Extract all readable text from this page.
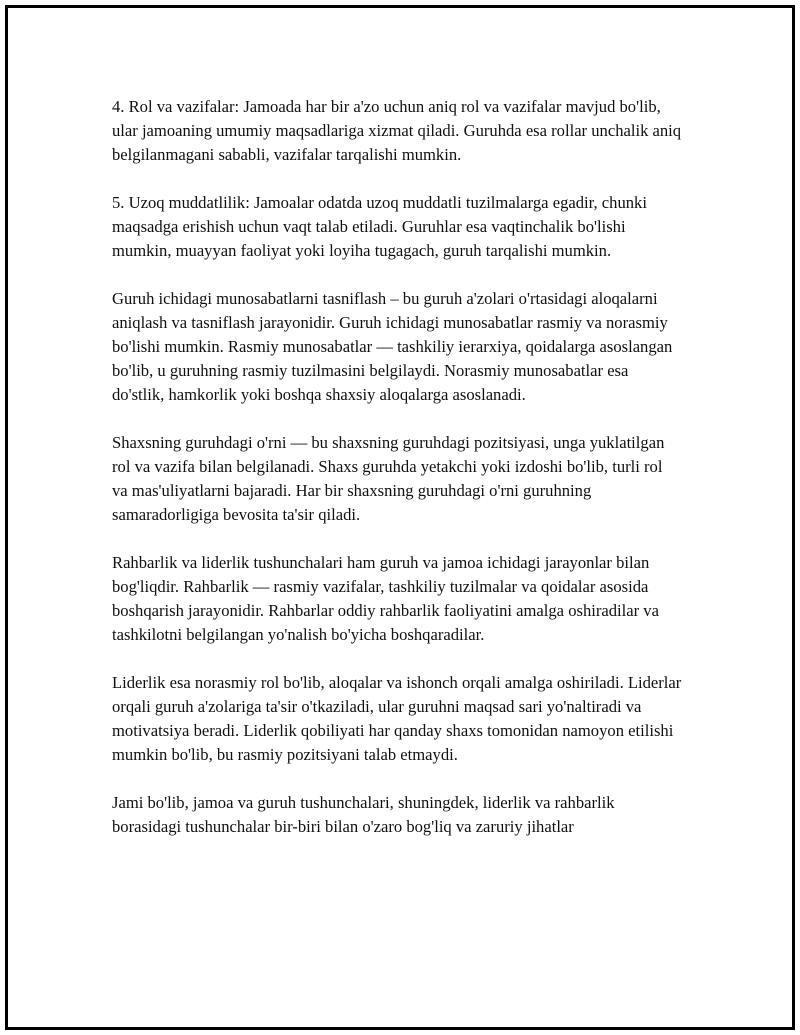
4. Rol va vazifalar: Jamoada har bir a'zo uchun aniq rol va vazifalar mavjud bo'lib, ular jamoaning umumiy maqsadlariga xizmat qiladi. Guruhda esa rollar unchalik aniq belgilanmagani sababli, vazifalar tarqalishi mumkin.

5. Uzoq muddatlilik: Jamoalar odatda uzoq muddatli tuzilmalarga egadir, chunki maqsadga erishish uchun vaqt talab etiladi. Guruhlar esa vaqtinchalik bo'lishi mumkin, muayyan faoliyat yoki loyiha tugagach, guruh tarqalishi mumkin.

Guruh ichidagi munosabatlarni tasniflash – bu guruh a'zolari o'rtasidagi aloqalarni aniqlash va tasniflash jarayonidir. Guruh ichidagi munosabatlar rasmiy va norasmiy bo'lishi mumkin. Rasmiy munosabatlar — tashkiliy ierarxiya, qoidalarga asoslangan bo'lib, u guruhning rasmiy tuzilmasini belgilaydi. Norasmiy munosabatlar esa do'stlik, hamkorlik yoki boshqa shaxsiy aloqalarga asoslanadi.

Shaxsning guruhdagi o'rni — bu shaxsning guruhdagi pozitsiyasi, unga yuklatilgan rol va vazifa bilan belgilanadi. Shaxs guruhda yetakchi yoki izdoshi bo'lib, turli rol va mas'uliyatlarni bajaradi. Har bir shaxsning guruhdagi o'rni guruhning samaradorligiga bevosita ta'sir qiladi.

Rahbarlik va liderlik tushunchalari ham guruh va jamoa ichidagi jarayonlar bilan bog'liqdir. Rahbarlik — rasmiy vazifalar, tashkiliy tuzilmalar va qoidalar asosida boshqarish jarayonidir. Rahbarlar oddiy rahbarlik faoliyatini amalga oshiradilar va tashkilotni belgilangan yo'nalish bo'yicha boshqaradilar.

Liderlik esa norasmiy rol bo'lib, aloqalar va ishonch orqali amalga oshiriladi. Liderlar orqali guruh a'zolariga ta'sir o'tkaziladi, ular guruhni maqsad sari yo'naltiradi va motivatsiya beradi. Liderlik qobiliyati har qanday shaxs tomonidan namoyon etilishi mumkin bo'lib, bu rasmiy pozitsiyani talab etmaydi.

Jami bo'lib, jamoa va guruh tushunchalari, shuningdek, liderlik va rahbarlik borasidagi tushunchalar bir-biri bilan o'zaro bog'liq va zaruriy jihatlar
